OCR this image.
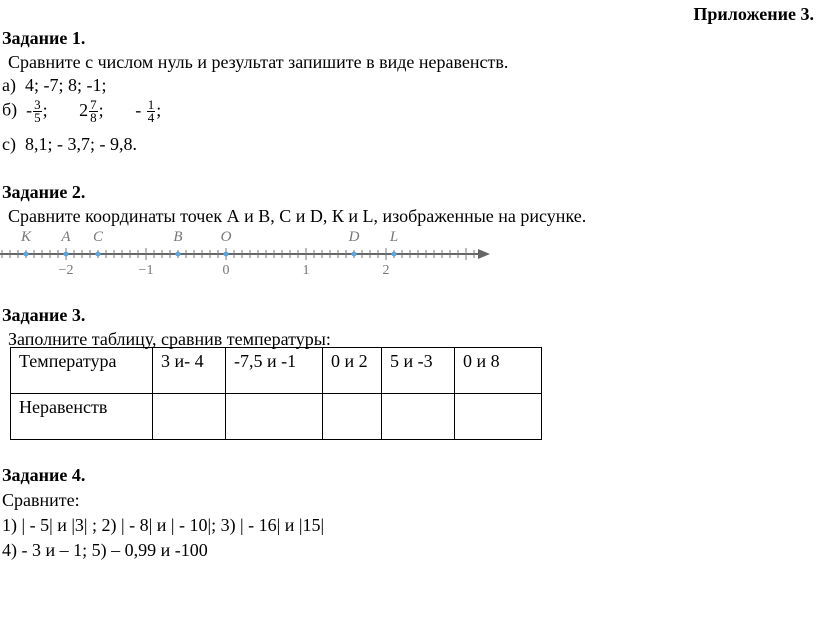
Приложение 3.
Задание 1.
Сравните с числом нуль и результат запишите в виде неравенств.
а) 4; -7; 8; -1;
$б) - \frac{3}{5}$ ; $2 \frac{7}{8}$ ; - $\frac{1}{4}$ ;
с) 8,1; - 3,7; - 9,8.
Задание 2.
Сравните координаты точек А и В, С и D, К и L, изображенные на рисунке.
K A C	B	O	D L
−2	−1	0	1	2
Задание 3.
Заполните таблицу, сравнив температуры:
Температура	3 и- 4	-7,5 и -1	0 и 2	5 и -3	0 и 8
Неравенств					
Задание 4.
Сравните:
1) | - 5| и |3| ; 2) | - 8| и | - 10|; 3) | - 16| и |15|
4) - 3 и – 1; 5) – 0,99 и -100
